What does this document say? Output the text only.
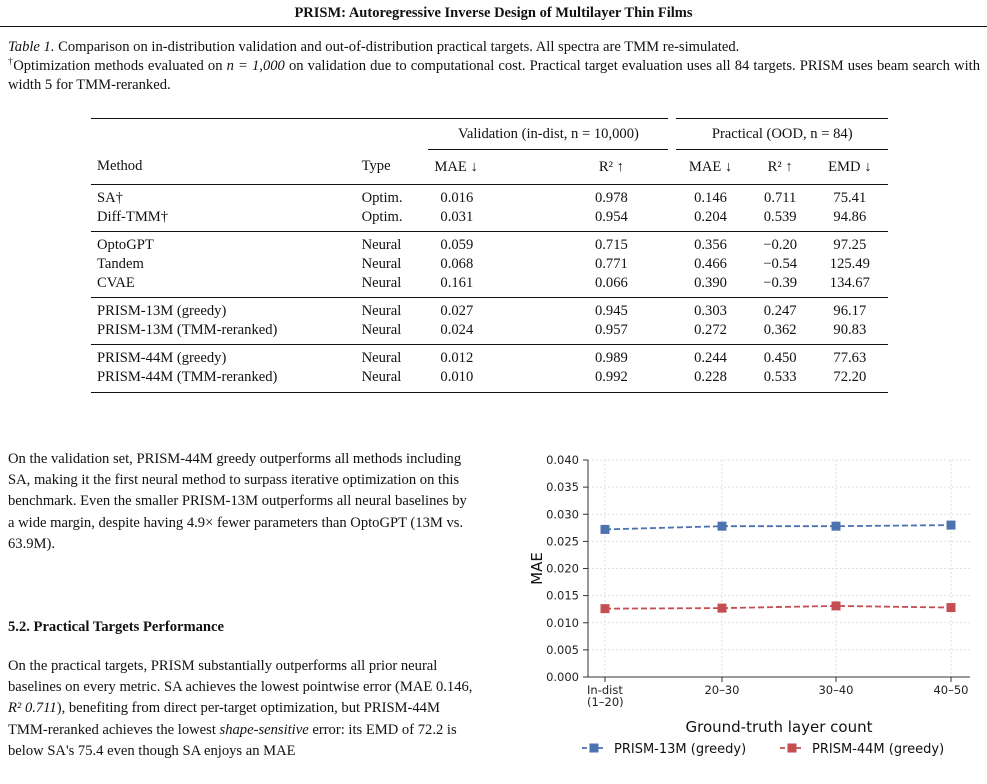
PRISM: Autoregressive Inverse Design of Multilayer Thin Films
Table 1. Comparison on in-distribution validation and out-of-distribution practical targets. All spectra are TMM re-simulated.
†Optimization methods evaluated on n = 1,000 on validation due to computational cost. Practical target evaluation uses all 84 targets. PRISM uses beam search with width 5 for TMM-reranked.
		Validation (in-dist, n = 10,000)		Practical (OOD, n = 84)		
Method	Type	MAE ↓	R² ↑	MAE ↓	R² ↑	EMD ↓
SA†	Optim.	0.016	0.978	0.146	0.711	75.41
Diff-TMM†	Optim.	0.031	0.954	0.204	0.539	94.86
OptoGPT	Neural	0.059	0.715	0.356	−0.20	97.25
Tandem	Neural	0.068	0.771	0.466	−0.54	125.49
CVAE	Neural	0.161	0.066	0.390	−0.39	134.67
PRISM-13M (greedy)	Neural	0.027	0.945	0.303	0.247	96.17
PRISM-13M (TMM-reranked)	Neural	0.024	0.957	0.272	0.362	90.83
PRISM-44M (greedy)	Neural	0.012	0.989	0.244	0.450	77.63
PRISM-44M (TMM-reranked)	Neural	0.010	0.992	0.228	0.533	72.20
On the validation set, PRISM-44M greedy outperforms all methods including SA, making it the first neural method to surpass iterative optimization on this benchmark. Even the smaller PRISM-13M outperforms all neural baselines by a wide margin, despite having 4.9× fewer parameters than OptoGPT (13M vs. 63.9M).
5.2. Practical Targets Performance
On the practical targets, PRISM substantially outperforms all prior neural baselines on every metric. SA achieves the lowest pointwise error (MAE 0.146, R² 0.711), benefiting from direct per-target optimization, but PRISM-44M TMM-reranked achieves the lowest shape-sensitive error: its EMD of 72.2 is below SA's 75.4 even though SA enjoys an MAE
0.000
0.005
0.010
0.015
0.020
0.025
0.030
0.035
0.040
In-dist (1–20)
20–30	30–40	40–50
Ground-truth layer count
MAE
PRISM-13M (greedy)	PRISM-44M (greedy)
